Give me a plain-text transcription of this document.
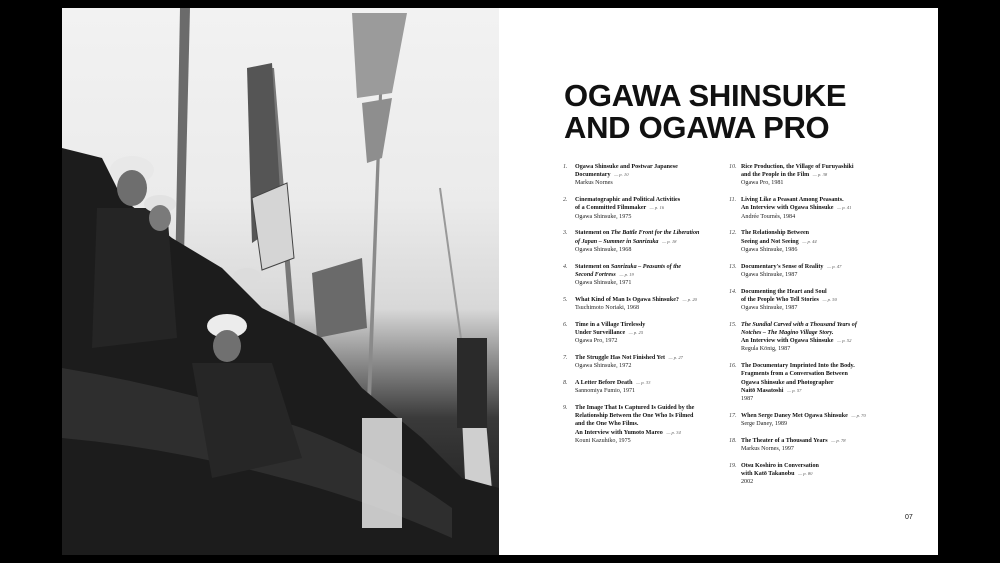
OGAWA SHINSUKE
AND OGAWA PRO
1. Ogawa Shinsuke and Postwar Japanese
Documentary — p. 10
Markus Nornes
2. Cinematographic and Political Activities
of a Committed Filmmaker — p. 16
Ogawa Shinsuke, 1975
3. Statement on The Battle Front for the Liberation
of Japan – Summer in Sanrizuka — p. 18
Ogawa Shinsuke, 1968
4. Statement on Sanrizuka – Peasants of the
Second Fortress — p. 19
Ogawa Shinsuke, 1971
5. What Kind of Man Is Ogawa Shinsuke? — p. 20
Tsuchimoto Noriaki, 1968
6. Time in a Village Tirelessly
Under Surveillance — p. 25
Ogawa Pro, 1972
7. The Struggle Has Not Finished Yet — p. 27
Ogawa Shinsuke, 1972
8. A Letter Before Death — p. 33
Sannomiya Fumio, 1971
9. The Image That Is Captured Is Guided by the
Relationship Between the One Who Is Filmed
and the One Who Films.
An Interview with Yumoto Mareo — p. 34
Kouni Kazuhiko, 1975
10. Rice Production, the Village of Furuyashiki
and the People in the Film — p. 38
Ogawa Pro, 1981
11. Living Like a Peasant Among Peasants.
An Interview with Ogawa Shinsuke — p. 41
Andrée Tournès, 1984
12. The Relationship Between
Seeing and Not Seeing — p. 44
Ogawa Shinsuke, 1986
13. Documentary's Sense of Reality — p. 47
Ogawa Shinsuke, 1987
14. Documenting the Heart and Soul
of the People Who Tell Stories — p. 50
Ogawa Shinsuke, 1987
15. The Sundial Carved with a Thousand Years of
Notches – The Magino Village Story.
An Interview with Ogawa Shinsuke — p. 52
Regula König, 1987
16. The Documentary Imprinted Into the Body.
Fragments from a Conversation Between
Ogawa Shinsuke and Photographer
Naitō Masatoshi — p. 57
1987
17. When Serge Daney Met Ogawa Shinsuke — p. 70
Serge Daney, 1989
18. The Theater of a Thousand Years — p. 78
Markus Nornes, 1997
19. Otsu Koshiro in Conversation
with Katō Takanobu — p. 80
2002
07
